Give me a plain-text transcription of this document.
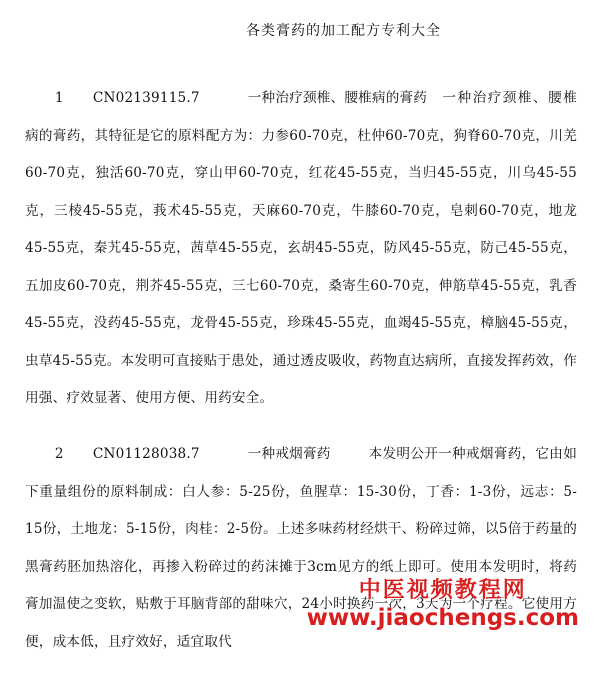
各类膏药的加工配方专利大全
1 CN02139115.7	一种治疗颈椎、腰椎病的膏药 一种治疗颈椎、腰椎病的膏药，其特征是它的原料配方为：力参60-70克，杜仲60-70克，狗脊60-70克，川羌60-70克，独活60-70克，穿山甲60-70克，红花45-55克，当归45-55克，川乌45-55克，三棱45-55克，莪术45-55克，天麻60-70克，牛膝60-70克，皂刺60-70克，地龙45-55克，秦艽45-55克，茜草45-55克，玄胡45-55克，防风45-55克，防己45-55克，五加皮60-70克，荆芥45-55克，三七60-70克，桑寄生60-70克，伸筋草45-55克，乳香45-55克，没药45-55克，龙骨45-55克，珍珠45-55克，血竭45-55克，樟脑45-55克，虫草45-55克。本发明可直接贴于患处，通过透皮吸收，药物直达病所，直接发挥药效，作用强、疗效显著、使用方便、用药安全。
2 CN01128038.7	一种戒烟膏药	本发明公开一种戒烟膏药，它由如下重量组份的原料制成：白人参：5-25份，鱼腥草：15-30份，丁香：1-3份，远志：5-15份，土地龙：5-15份，肉桂：2-5份。上述多味药材经烘干、粉碎过筛，以5倍于药量的黑膏药胚加热溶化，再掺入粉碎过的药沫摊于3cm见方的纸上即可。使用本发明时，将药膏加温使之变软，贴敷于耳脑背部的甜味穴，24小时换药一次，3天为一个疗程。它使用方便，成本低，且疗效好，适宜取代
中医视频教程网
www.jiaochengs.com
